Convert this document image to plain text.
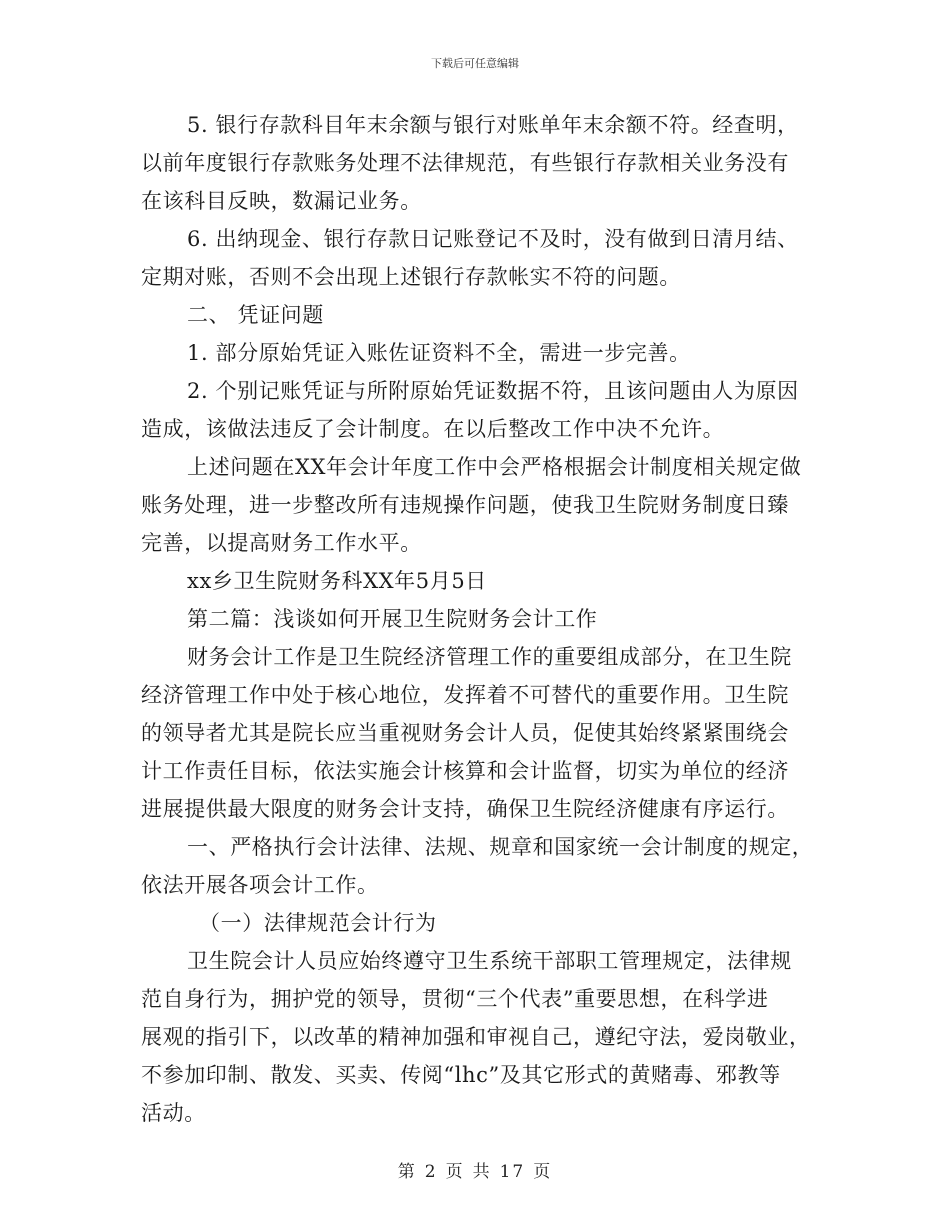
下载后可任意编辑
5. 银行存款科目年末余额与银行对账单年末余额不符。经查明，
以前年度银行存款账务处理不法律规范，有些银行存款相关业务没有
在该科目反映，数漏记业务。
6. 出纳现金、银行存款日记账登记不及时，没有做到日清月结、
定期对账，否则不会出现上述银行存款帐实不符的问题。
二、 凭证问题
1. 部分原始凭证入账佐证资料不全，需进一步完善。
2. 个别记账凭证与所附原始凭证数据不符，且该问题由人为原因
造成，该做法违反了会计制度。在以后整改工作中决不允许。
上述问题在XX年会计年度工作中会严格根据会计制度相关规定做
账务处理，进一步整改所有违规操作问题，使我卫生院财务制度日臻
完善，以提高财务工作水平。
xx乡卫生院财务科XX年5月5日
第二篇：浅谈如何开展卫生院财务会计工作
财务会计工作是卫生院经济管理工作的重要组成部分，在卫生院
经济管理工作中处于核心地位，发挥着不可替代的重要作用。卫生院
的领导者尤其是院长应当重视财务会计人员，促使其始终紧紧围绕会
计工作责任目标，依法实施会计核算和会计监督，切实为单位的经济
进展提供最大限度的财务会计支持，确保卫生院经济健康有序运行。
一、严格执行会计法律、法规、规章和国家统一会计制度的规定，
依法开展各项会计工作。
（一）法律规范会计行为
卫生院会计人员应始终遵守卫生系统干部职工管理规定，法律规
范自身行为，拥护党的领导，贯彻“三个代表”重要思想，在科学进
展观的指引下，以改革的精神加强和审视自己，遵纪守法，爱岗敬业，
不参加印制、散发、买卖、传阅“lhc”及其它形式的黄赌毒、邪教等
活动。
第 2 页 共 17 页
